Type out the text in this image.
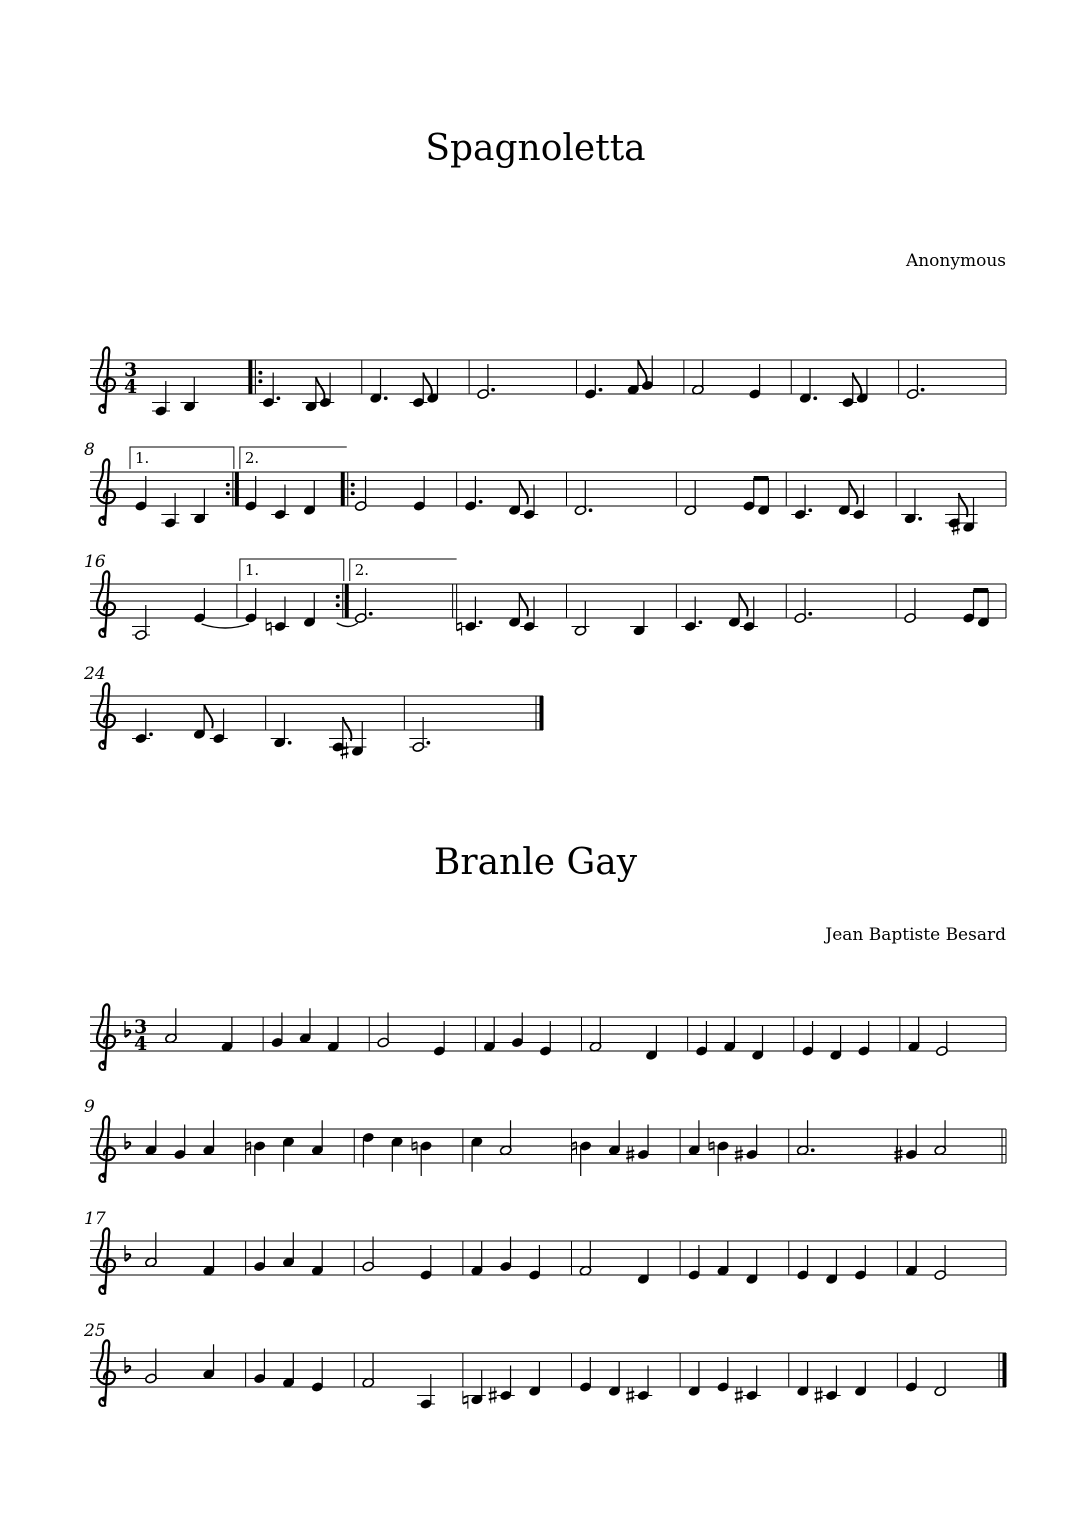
Spagnoletta
Anonymous
Branle Gay
Jean Baptiste Besard
3
4
8	1.	2.
16	1.	2.
24
3
4
9
17
25
